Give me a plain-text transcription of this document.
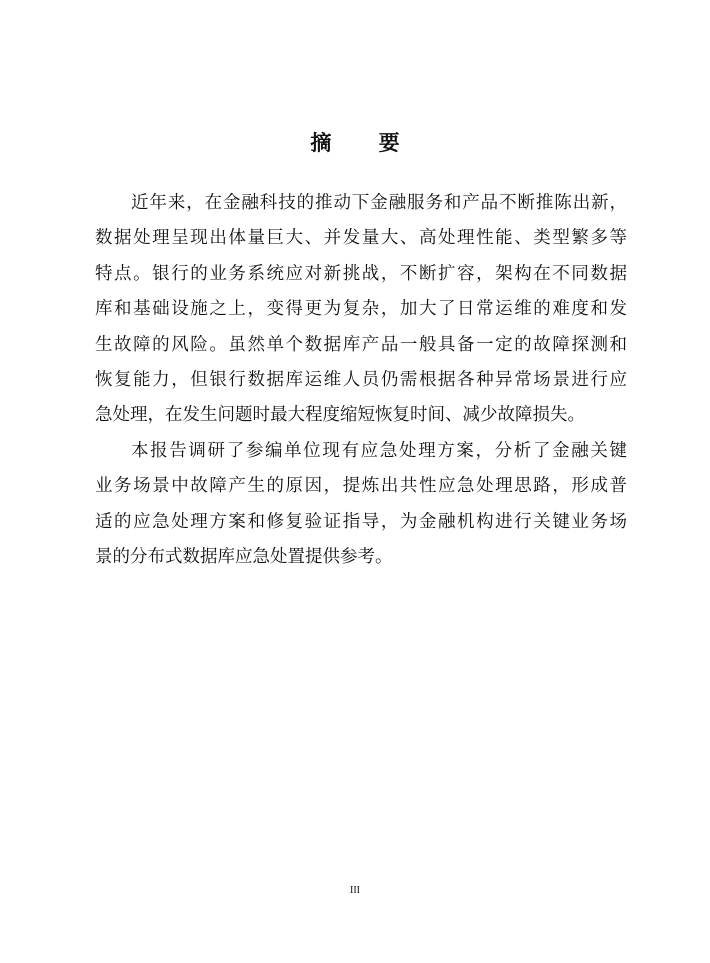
摘 要
近年来，在金融科技的推动下金融服务和产品不断推陈出新，
数据处理呈现出体量巨大、并发量大、高处理性能、类型繁多等
特点。银行的业务系统应对新挑战，不断扩容，架构在不同数据
库和基础设施之上，变得更为复杂，加大了日常运维的难度和发
生故障的风险。虽然单个数据库产品一般具备一定的故障探测和
恢复能力，但银行数据库运维人员仍需根据各种异常场景进行应
急处理，在发生问题时最大程度缩短恢复时间、减少故障损失。
本报告调研了参编单位现有应急处理方案，分析了金融关键
业务场景中故障产生的原因，提炼出共性应急处理思路，形成普
适的应急处理方案和修复验证指导，为金融机构进行关键业务场
景的分布式数据库应急处置提供参考。
III
